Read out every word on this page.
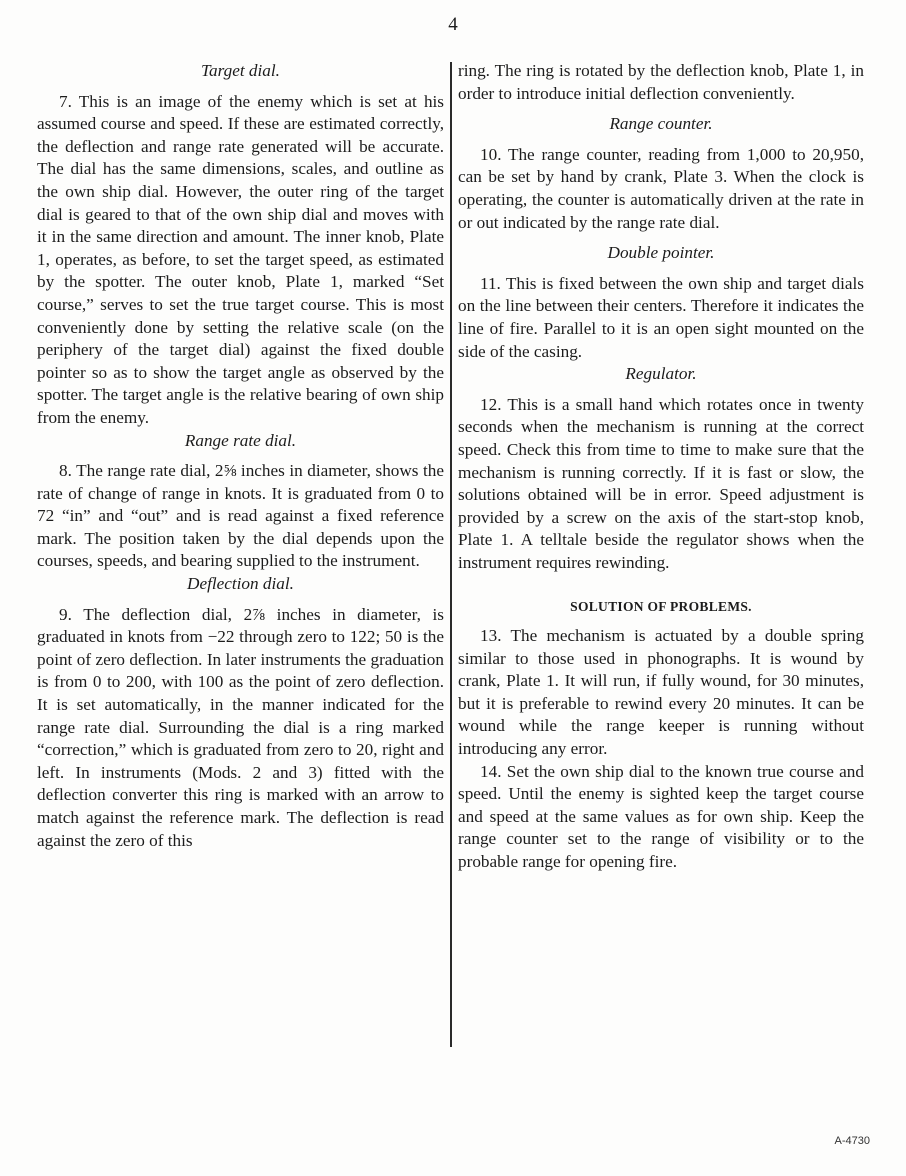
4

Target dial.

7. This is an image of the enemy which is set at his assumed course and speed. If these are estimated correctly, the deflection and range rate generated will be accurate. The dial has the same dimensions, scales, and outline as the own ship dial. However, the outer ring of the target dial is geared to that of the own ship dial and moves with it in the same direction and amount. The inner knob, Plate 1, operates, as before, to set the target speed, as estimated by the spotter. The outer knob, Plate 1, marked “Set course,” serves to set the true target course. This is most conveniently done by setting the relative scale (on the periphery of the target dial) against the fixed double pointer so as to show the target angle as observed by the spotter. The target angle is the relative bearing of own ship from the enemy.

Range rate dial.

8. The range rate dial, 2⅝ inches in diameter, shows the rate of change of range in knots. It is graduated from 0 to 72 “in” and “out” and is read against a fixed reference mark. The position taken by the dial depends upon the courses, speeds, and bearing supplied to the instrument.

Deflection dial.

9. The deflection dial, 2⅞ inches in diameter, is graduated in knots from −22 through zero to 122; 50 is the point of zero deflection. In later instruments the graduation is from 0 to 200, with 100 as the point of zero deflection. It is set automatically, in the manner indicated for the range rate dial. Surrounding the dial is a ring marked “correction,” which is graduated from zero to 20, right and left. In instruments (Mods. 2 and 3) fitted with the deflection converter this ring is marked with an arrow to match against the reference mark. The deflection is read against the zero of this

ring. The ring is rotated by the deflection knob, Plate 1, in order to introduce initial deflection conveniently.

Range counter.

10. The range counter, reading from 1,000 to 20,950, can be set by hand by crank, Plate 3. When the clock is operating, the counter is automatically driven at the rate in or out indicated by the range rate dial.

Double pointer.

11. This is fixed between the own ship and target dials on the line between their centers. Therefore it indicates the line of fire. Parallel to it is an open sight mounted on the side of the casing.

Regulator.

12. This is a small hand which rotates once in twenty seconds when the mechanism is running at the correct speed. Check this from time to time to make sure that the mechanism is running correctly. If it is fast or slow, the solutions obtained will be in error. Speed adjustment is provided by a screw on the axis of the start-stop knob, Plate 1. A telltale beside the regulator shows when the instrument requires rewinding.

SOLUTION OF PROBLEMS.

13. The mechanism is actuated by a double spring similar to those used in phonographs. It is wound by crank, Plate 1. It will run, if fully wound, for 30 minutes, but it is preferable to rewind every 20 minutes. It can be wound while the range keeper is running without introducing any error.

14. Set the own ship dial to the known true course and speed. Until the enemy is sighted keep the target course and speed at the same values as for own ship. Keep the range counter set to the range of visibility or to the probable range for opening fire.

A-4730
